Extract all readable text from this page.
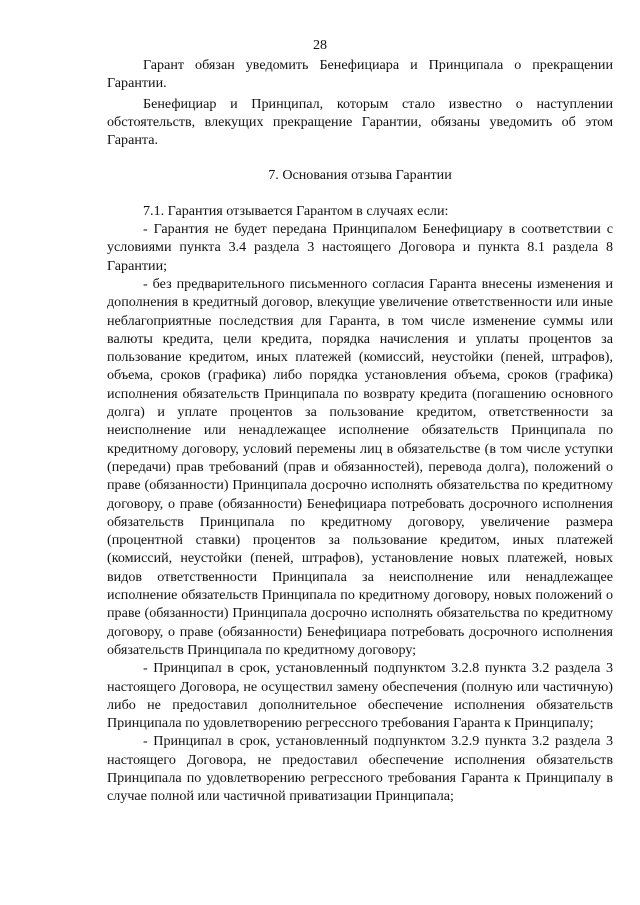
28

Гарант обязан уведомить Бенефициара и Принципала о прекращении Гарантии.

Бенефициар и Принципал, которым стало известно о наступлении обстоятельств, влекущих прекращение Гарантии, обязаны уведомить об этом Гаранта.

7. Основания отзыва Гарантии

7.1. Гарантия отзывается Гарантом в случаях если:

- Гарантия не будет передана Принципалом Бенефициару в соответствии с условиями пункта 3.4 раздела 3 настоящего Договора и пункта 8.1 раздела 8 Гарантии;

- без предварительного письменного согласия Гаранта внесены изменения и дополнения в кредитный договор, влекущие увеличение ответственности или иные неблагоприятные последствия для Гаранта, в том числе изменение суммы или валюты кредита, цели кредита, порядка начисления и уплаты процентов за пользование кредитом, иных платежей (комиссий, неустойки (пеней, штрафов), объема, сроков (графика) либо порядка установления объема, сроков (графика) исполнения обязательств Принципала по возврату кредита (погашению основного долга) и уплате процентов за пользование кредитом, ответственности за неисполнение или ненадлежащее исполнение обязательств Принципала по кредитному договору, условий перемены лиц в обязательстве (в том числе уступки (передачи) прав требований (прав и обязанностей), перевода долга), положений о праве (обязанности) Принципала досрочно исполнять обязательства по кредитному договору, о праве (обязанности) Бенефициара потребовать досрочного исполнения обязательств Принципала по кредитному договору, увеличение размера (процентной ставки) процентов за пользование кредитом, иных платежей (комиссий, неустойки (пеней, штрафов), установление новых платежей, новых видов ответственности Принципала за неисполнение или ненадлежащее исполнение обязательств Принципала по кредитному договору, новых положений о праве (обязанности) Принципала досрочно исполнять обязательства по кредитному договору, о праве (обязанности) Бенефициара потребовать досрочного исполнения обязательств Принципала по кредитному договору;

- Принципал в срок, установленный подпунктом 3.2.8 пункта 3.2 раздела 3 настоящего Договора, не осуществил замену обеспечения (полную или частичную) либо не предоставил дополнительное обеспечение исполнения обязательств Принципала по удовлетворению регрессного требования Гаранта к Принципалу;

- Принципал в срок, установленный подпунктом 3.2.9 пункта 3.2 раздела 3 настоящего Договора, не предоставил обеспечение исполнения обязательств Принципала по удовлетворению регрессного требования Гаранта к Принципалу в случае полной или частичной приватизации Принципала;
